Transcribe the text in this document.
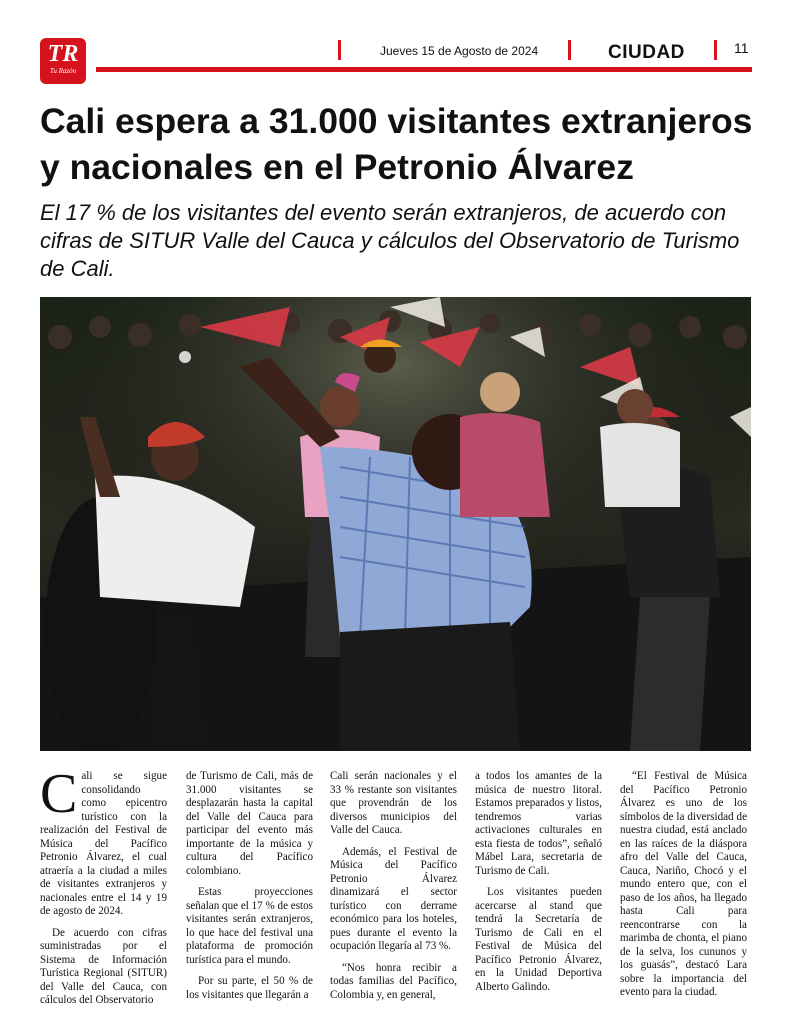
TR
Tu Razón
Jueves 15 de Agosto de 2024	CIUDAD	11
Cali espera a 31.000 visitantes extranjeros y nacionales en el Petronio Álvarez

El 17 % de los visitantes del evento serán extranjeros, de acuerdo con cifras de SITUR Valle del Cauca y cálculos del Observatorio de Turismo de Cali.

Cali se sigue consolidando como epicentro turístico con la realización del Festival de Música del Pacífico Petronio Álvarez, el cual atraería a la ciudad a miles de visitantes extranjeros y nacionales entre el 14 y 19 de agosto de 2024.

De acuerdo con cifras suministradas por el Sistema de Información Turística Regional (SITUR) del Valle del Cauca, con cálculos del Observatorio

de Turismo de Cali, más de 31.000 visitantes se desplazarán hasta la capital del Valle del Cauca para participar del evento más importante de la música y cultura del Pacífico colombiano.

Estas proyecciones señalan que el 17 % de estos visitantes serán extranjeros, lo que hace del festival una plataforma de promoción turística para el mundo.

Por su parte, el 50 % de los visitantes que llegarán a

Cali serán nacionales y el 33 % restante son visitantes que provendrán de los diversos municipios del Valle del Cauca.

Además, el Festival de Música del Pacífico Petronio Álvarez dinamizará el sector turístico con derrame económico para los hoteles, pues durante el evento la ocupación llegaría al 73 %.

“Nos honra recibir a todas familias del Pacífico, Colombia y, en general,

a todos los amantes de la música de nuestro litoral. Estamos preparados y listos, tendremos varias activaciones culturales en esta fiesta de todos”, señaló Mábel Lara, secretaria de Turismo de Cali.

Los visitantes pueden acercarse al stand que tendrá la Secretaría de Turismo de Cali en el Festival de Música del Pacífico Petronio Álvarez, en la Unidad Deportiva Alberto Galindo.

“El Festival de Música del Pacífico Petronio Álvarez es uno de los símbolos de la diversidad de nuestra ciudad, está anclado en las raíces de la diáspora afro del Valle del Cauca, Cauca, Nariño, Chocó y el mundo entero que, con el paso de los años, ha llegado hasta Cali para reencontrarse con la marimba de chonta, el piano de la selva, los cununos y los guasás”, destacó Lara sobre la importancia del evento para la ciudad.
